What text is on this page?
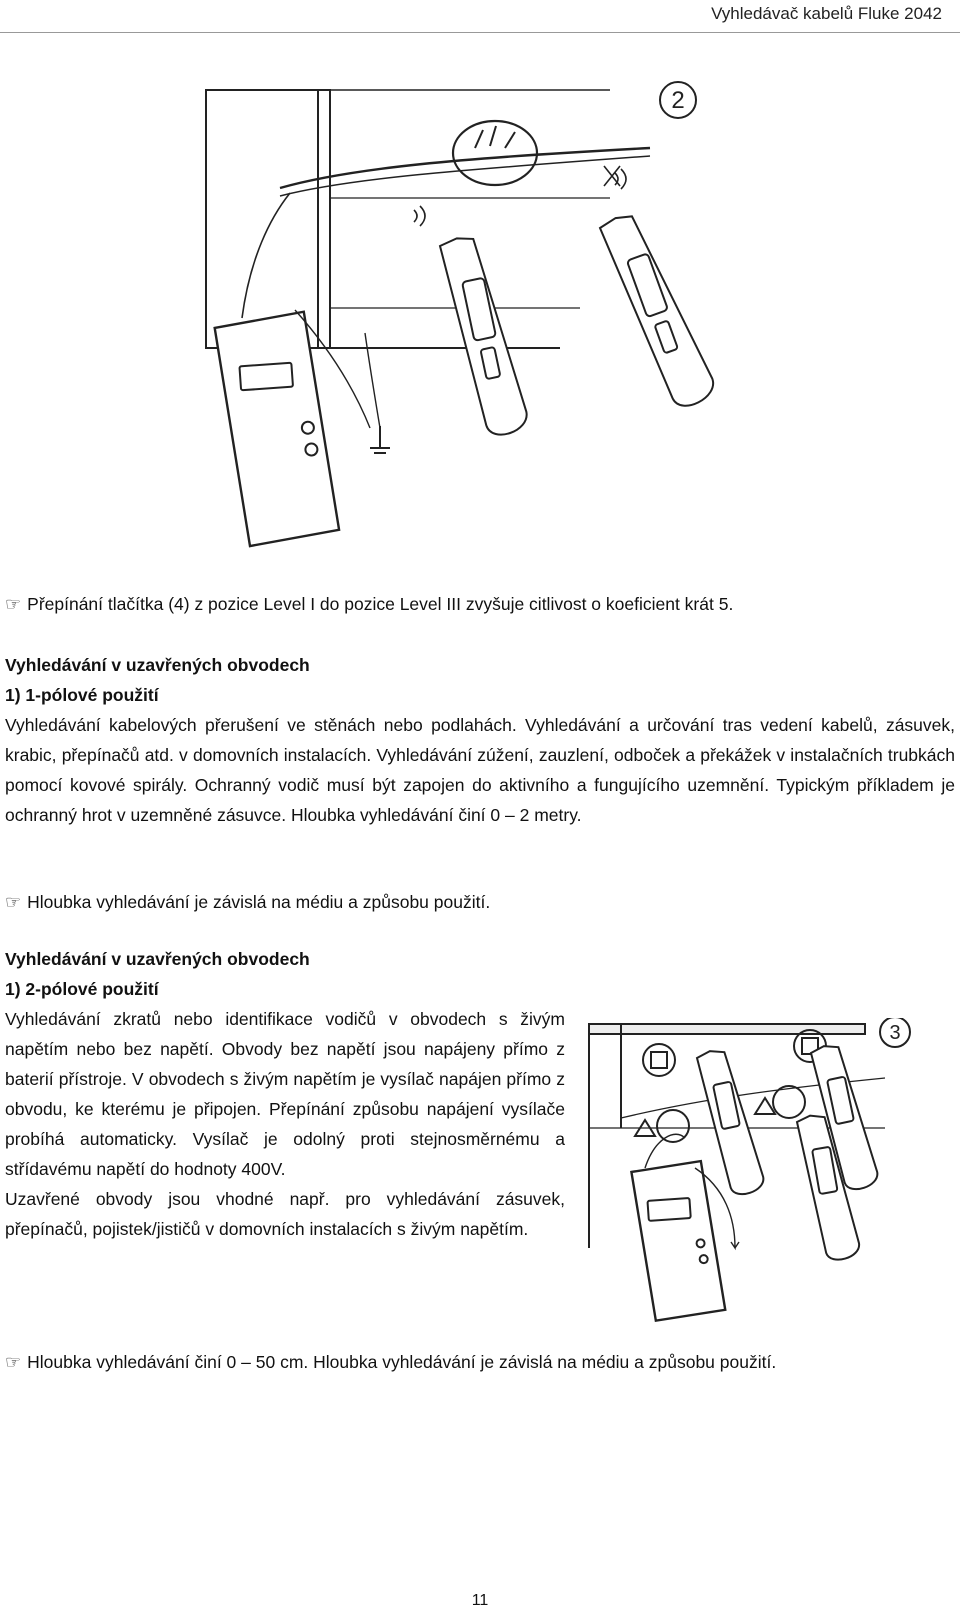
Vyhledávač kabelů Fluke 2042
2
☞ Přepínání tlačítka (4) z pozice Level I do pozice Level III zvyšuje citlivost o koeficient krát 5.
Vyhledávání v uzavřených obvodech
1) 1-pólové použití
Vyhledávání kabelových přerušení ve stěnách nebo podlahách. Vyhledávání a určování tras vedení kabelů, zásuvek, krabic, přepínačů atd. v domovních instalacích. Vyhledávání zúžení, zauzlení, odboček a překážek v instalačních trubkách pomocí kovové spirály. Ochranný vodič musí být zapojen do aktivního a fungujícího uzemnění. Typickým příkladem je ochranný hrot v uzemněné zásuvce. Hloubka vyhledávání činí 0 – 2 metry.
☞ Hloubka vyhledávání je závislá na médiu a způsobu použití.
Vyhledávání v uzavřených obvodech
1) 2-pólové použití
Vyhledávání zkratů nebo identifikace vodičů v obvodech s živým napětím nebo bez napětí. Obvody bez napětí jsou napájeny přímo z baterií přístroje. V obvodech s živým napětím je vysílač napájen přímo z obvodu, ke kterému je připojen. Přepínání způsobu napájení vysílače probíhá automaticky. Vysílač je odolný proti stejnosměrnému a střídavému napětí do hodnoty 400V.
Uzavřené obvody jsou vhodné např. pro vyhledávání zásuvek, přepínačů, pojistek/jističů v domovních instalacích s živým napětím.
3
☞ Hloubka vyhledávání činí 0 – 50 cm. Hloubka vyhledávání je závislá na médiu a způsobu použití.
11
